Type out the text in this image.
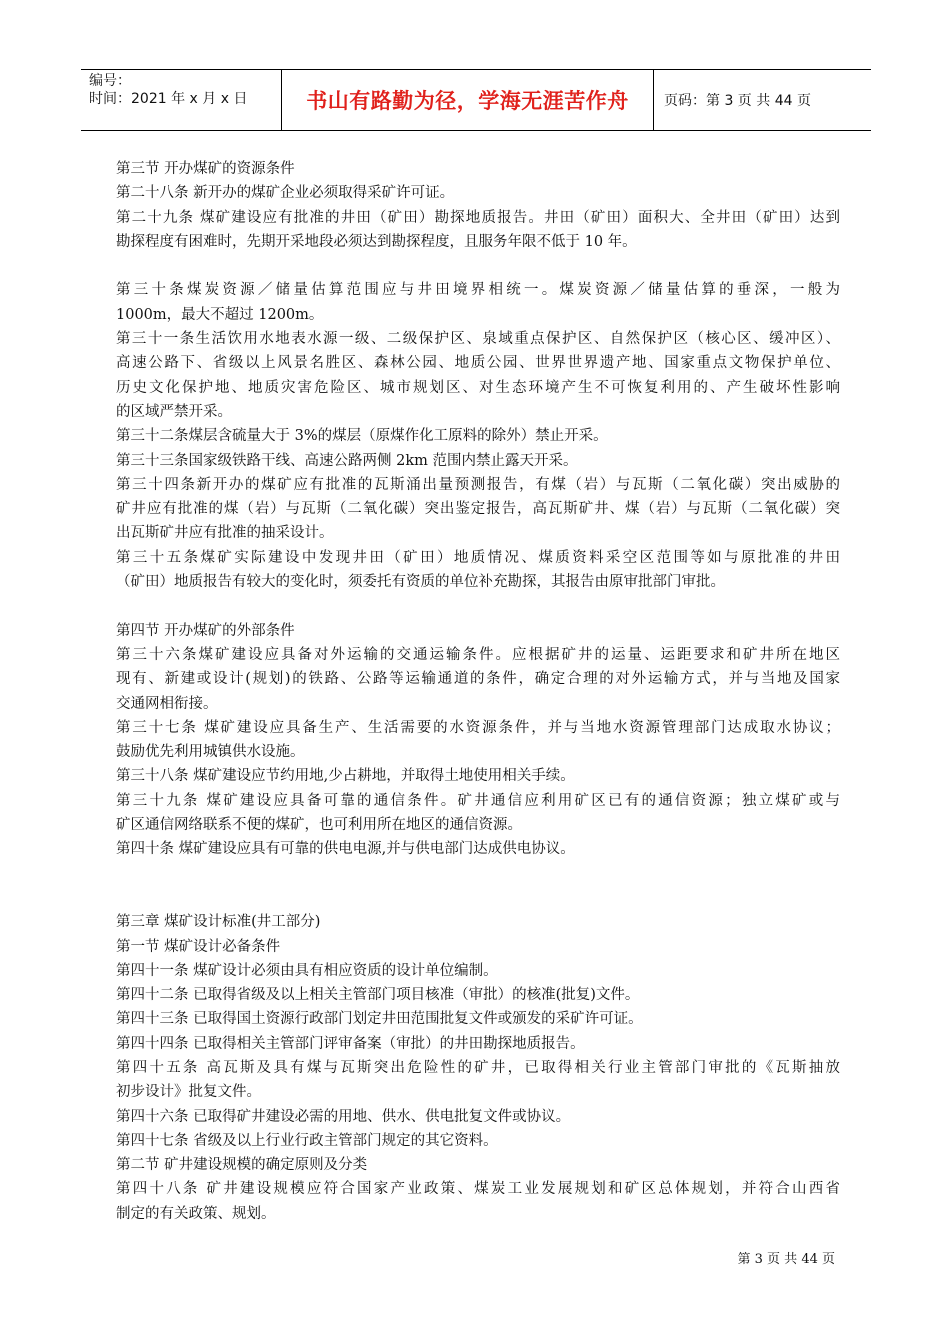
编号：
时间：2021 年 x 月 x 日	书山有路勤为径，学海无涯苦作舟	页码：第 3 页 共 44 页
第三节 开办煤矿的资源条件
第二十八条 新开办的煤矿企业必须取得采矿许可证。
第二十九条 煤矿建设应有批准的井田（矿田）勘探地质报告。井田（矿田）面积大、全井田（矿田）达到
勘探程度有困难时，先期开采地段必须达到勘探程度，且服务年限不低于 10 年。
第三十条煤炭资源／储量估算范围应与井田境界相统一。煤炭资源／储量估算的垂深，一般为
1000m，最大不超过 1200m。
第三十一条生活饮用水地表水源一级、二级保护区、泉域重点保护区、自然保护区（核心区、缓冲区）、
高速公路下、省级以上风景名胜区、森林公园、地质公园、世界世界遗产地、国家重点文物保护单位、
历史文化保护地、地质灾害危险区、城市规划区、对生态环境产生不可恢复利用的、产生破坏性影响
的区域严禁开采。
第三十二条煤层含硫量大于 3%的煤层（原煤作化工原料的除外）禁止开采。
第三十三条国家级铁路干线、高速公路两侧 2km 范围内禁止露天开采。
第三十四条新开办的煤矿应有批准的瓦斯涌出量预测报告，有煤（岩）与瓦斯（二氧化碳）突出威胁的
矿井应有批准的煤（岩）与瓦斯（二氧化碳）突出鉴定报告，高瓦斯矿井、煤（岩）与瓦斯（二氧化碳）突
出瓦斯矿井应有批准的抽采设计。
第三十五条煤矿实际建设中发现井田（矿田）地质情况、煤质资料采空区范围等如与原批准的井田
（矿田）地质报告有较大的变化时，须委托有资质的单位补充勘探，其报告由原审批部门审批。
第四节 开办煤矿的外部条件
第三十六条煤矿建设应具备对外运输的交通运输条件。应根据矿井的运量、运距要求和矿井所在地区
现有、新建或设计(规划)的铁路、公路等运输通道的条件，确定合理的对外运输方式，并与当地及国家
交通网相衔接。
第三十七条 煤矿建设应具备生产、生活需要的水资源条件，并与当地水资源管理部门达成取水协议；
鼓励优先利用城镇供水设施。
第三十八条 煤矿建设应节约用地,少占耕地，并取得土地使用相关手续。
第三十九条 煤矿建设应具备可靠的通信条件。矿井通信应利用矿区已有的通信资源；独立煤矿或与
矿区通信网络联系不便的煤矿，也可利用所在地区的通信资源。
第四十条 煤矿建设应具有可靠的供电电源,并与供电部门达成供电协议。
第三章 煤矿设计标准(井工部分)
第一节 煤矿设计必备条件
第四十一条 煤矿设计必须由具有相应资质的设计单位编制。
第四十二条 已取得省级及以上相关主管部门项目核准（审批）的核准(批复)文件。
第四十三条 已取得国土资源行政部门划定井田范围批复文件或颁发的采矿许可证。
第四十四条 已取得相关主管部门评审备案（审批）的井田勘探地质报告。
第四十五条 高瓦斯及具有煤与瓦斯突出危险性的矿井，已取得相关行业主管部门审批的《瓦斯抽放
初步设计》批复文件。
第四十六条 已取得矿井建设必需的用地、供水、供电批复文件或协议。
第四十七条 省级及以上行业行政主管部门规定的其它资料。
第二节 矿井建设规模的确定原则及分类
第四十八条 矿井建设规模应符合国家产业政策、煤炭工业发展规划和矿区总体规划，并符合山西省
制定的有关政策、规划。
第 3 页 共 44 页
